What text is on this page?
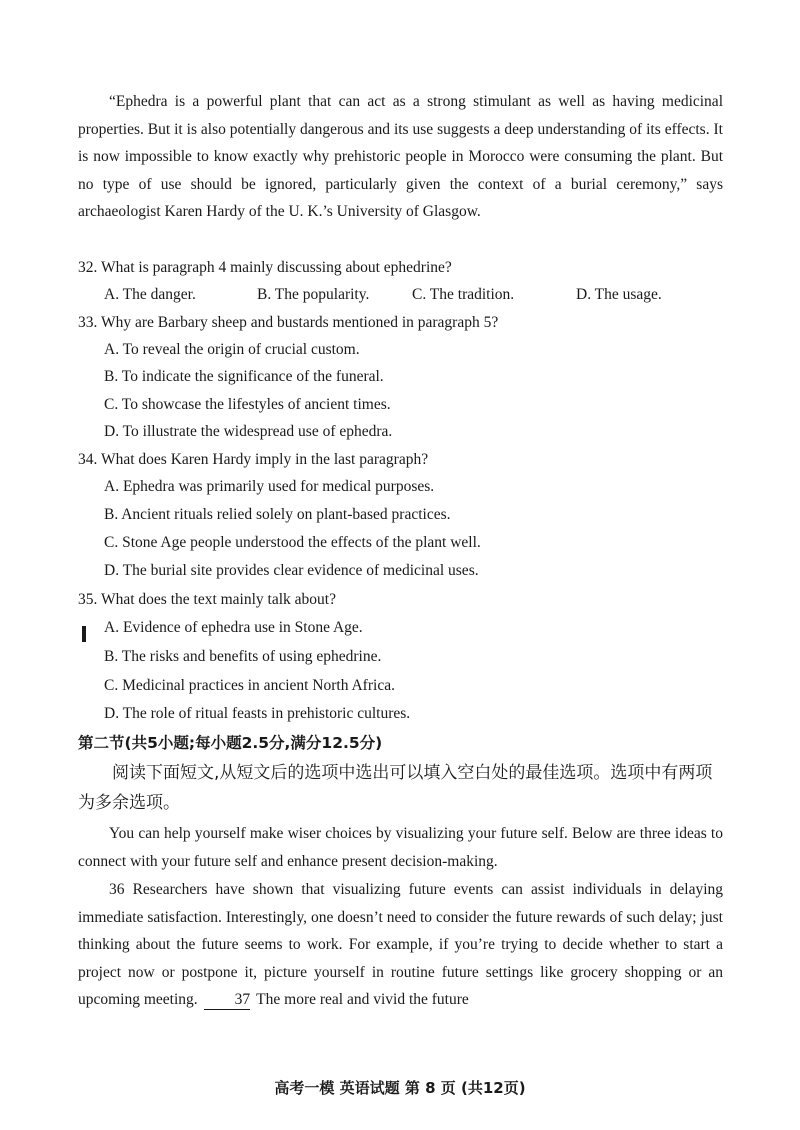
“Ephedra is a powerful plant that can act as a strong stimulant as well as having medicinal properties. But it is also potentially dangerous and its use suggests a deep understanding of its effects. It is now impossible to know exactly why prehistoric people in Morocco were consuming the plant. But no type of use should be ignored, particularly given the context of a burial ceremony,” says archaeologist Karen Hardy of the U. K.’s University of Glasgow.

32. What is paragraph 4 mainly discussing about ephedrine?

A. The danger.	B. The popularity.	C. The tradition.	D. The usage.

33. Why are Barbary sheep and bustards mentioned in paragraph 5?

A. To reveal the origin of crucial custom.

B. To indicate the significance of the funeral.

C. To showcase the lifestyles of ancient times.

D. To illustrate the widespread use of ephedra.

34. What does Karen Hardy imply in the last paragraph?

A. Ephedra was primarily used for medical purposes.

B. Ancient rituals relied solely on plant-based practices.

C. Stone Age people understood the effects of the plant well.

D. The burial site provides clear evidence of medicinal uses.

35. What does the text mainly talk about?

A. Evidence of ephedra use in Stone Age.

B. The risks and benefits of using ephedrine.

C. Medicinal practices in ancient North Africa.

D. The role of ritual feasts in prehistoric cultures.

第二节(共5小题;每小题2.5分,满分12.5分)

阅读下面短文,从短文后的选项中选出可以填入空白处的最佳选项。选项中有两项为多余选项。

You can help yourself make wiser choices by visualizing your future self. Below are three ideas to connect with your future self and enhance present decision-making.

36 Researchers have shown that visualizing future events can assist individuals in delaying immediate satisfaction. Interestingly, one doesn’t need to consider the future rewards of such delay; just thinking about the future seems to work. For example, if you’re trying to decide whether to start a project now or postpone it, picture yourself in routine future settings like grocery shopping or an upcoming meeting. 37 The more real and vivid the future

高考一模 英语试题 第 8 页 (共12页)
